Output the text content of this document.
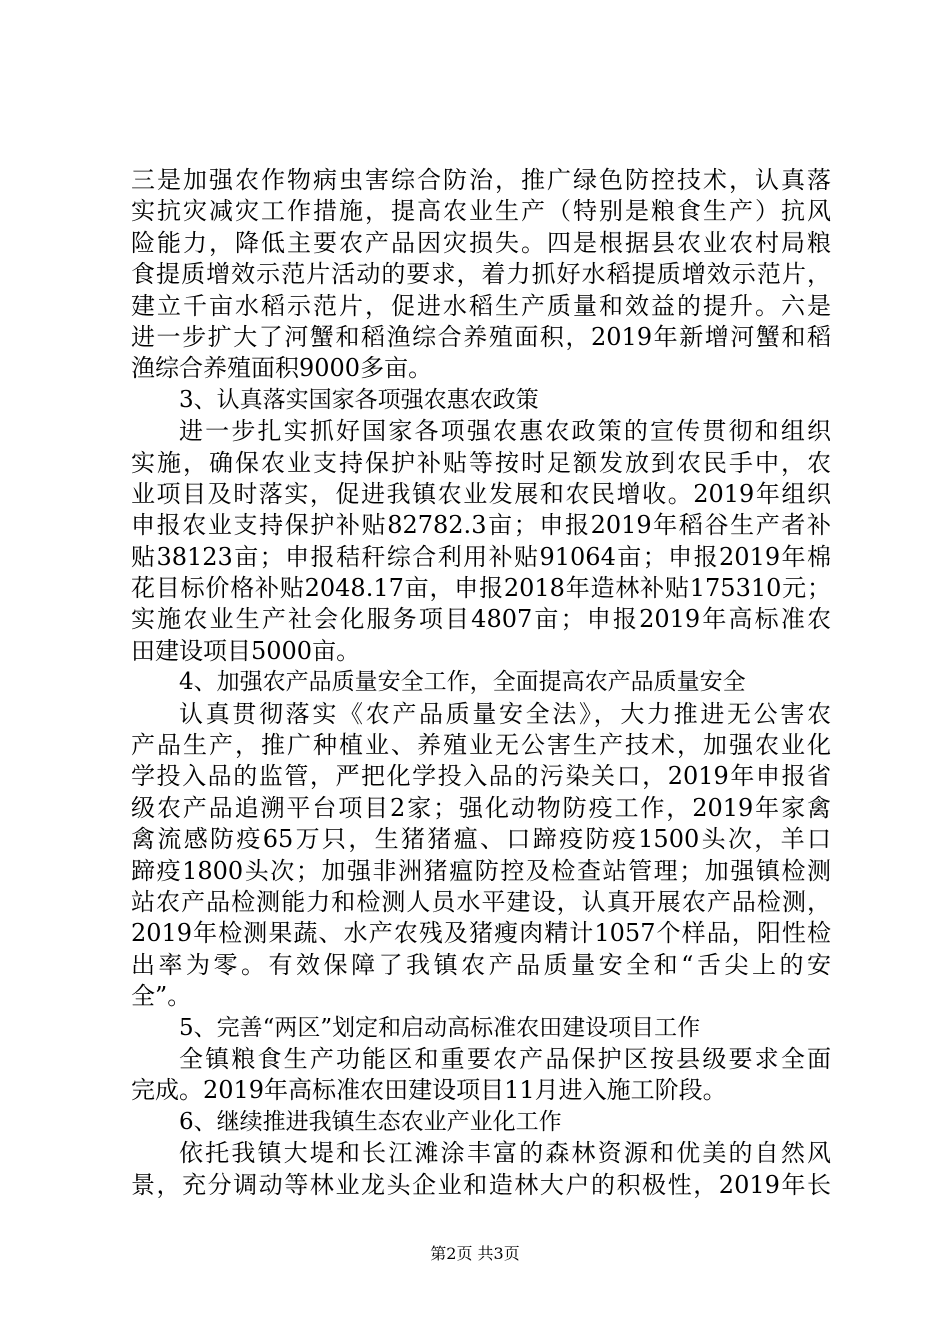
三是加强农作物病虫害综合防治，推广绿色防控技术，认真落
实抗灾减灾工作措施，提高农业生产（特别是粮食生产）抗风
险能力，降低主要农产品因灾损失。四是根据县农业农村局粮
食提质增效示范片活动的要求，着力抓好水稻提质增效示范片，
建立千亩水稻示范片，促进水稻生产质量和效益的提升。六是
进一步扩大了河蟹和稻渔综合养殖面积，2019年新增河蟹和稻
渔综合养殖面积9000多亩。
3、认真落实国家各项强农惠农政策
进一步扎实抓好国家各项强农惠农政策的宣传贯彻和组织
实施，确保农业支持保护补贴等按时足额发放到农民手中，农
业项目及时落实，促进我镇农业发展和农民增收。2019年组织
申报农业支持保护补贴82782.3亩；申报2019年稻谷生产者补
贴38123亩；申报秸秆综合利用补贴91064亩；申报2019年棉
花目标价格补贴2048.17亩，申报2018年造林补贴175310元；
实施农业生产社会化服务项目4807亩；申报2019年高标准农
田建设项目5000亩。
4、加强农产品质量安全工作，全面提高农产品质量安全
认真贯彻落实《农产品质量安全法》，大力推进无公害农
产品生产，推广种植业、养殖业无公害生产技术，加强农业化
学投入品的监管，严把化学投入品的污染关口，2019年申报省
级农产品追溯平台项目2家；强化动物防疫工作，2019年家禽
禽流感防疫65万只，生猪猪瘟、口蹄疫防疫1500头次，羊口
蹄疫1800头次；加强非洲猪瘟防控及检查站管理；加强镇检测
站农产品检测能力和检测人员水平建设，认真开展农产品检测，
2019年检测果蔬、水产农残及猪瘦肉精计1057个样品，阳性检
出率为零。有效保障了我镇农产品质量安全和“舌尖上的安
全”。
5、完善“两区”划定和启动高标准农田建设项目工作
全镇粮食生产功能区和重要农产品保护区按县级要求全面
完成。2019年高标准农田建设项目11月进入施工阶段。
6、继续推进我镇生态农业产业化工作
依托我镇大堤和长江滩涂丰富的森林资源和优美的自然风
景，充分调动等林业龙头企业和造林大户的积极性，2019年长
第2页 共3页
